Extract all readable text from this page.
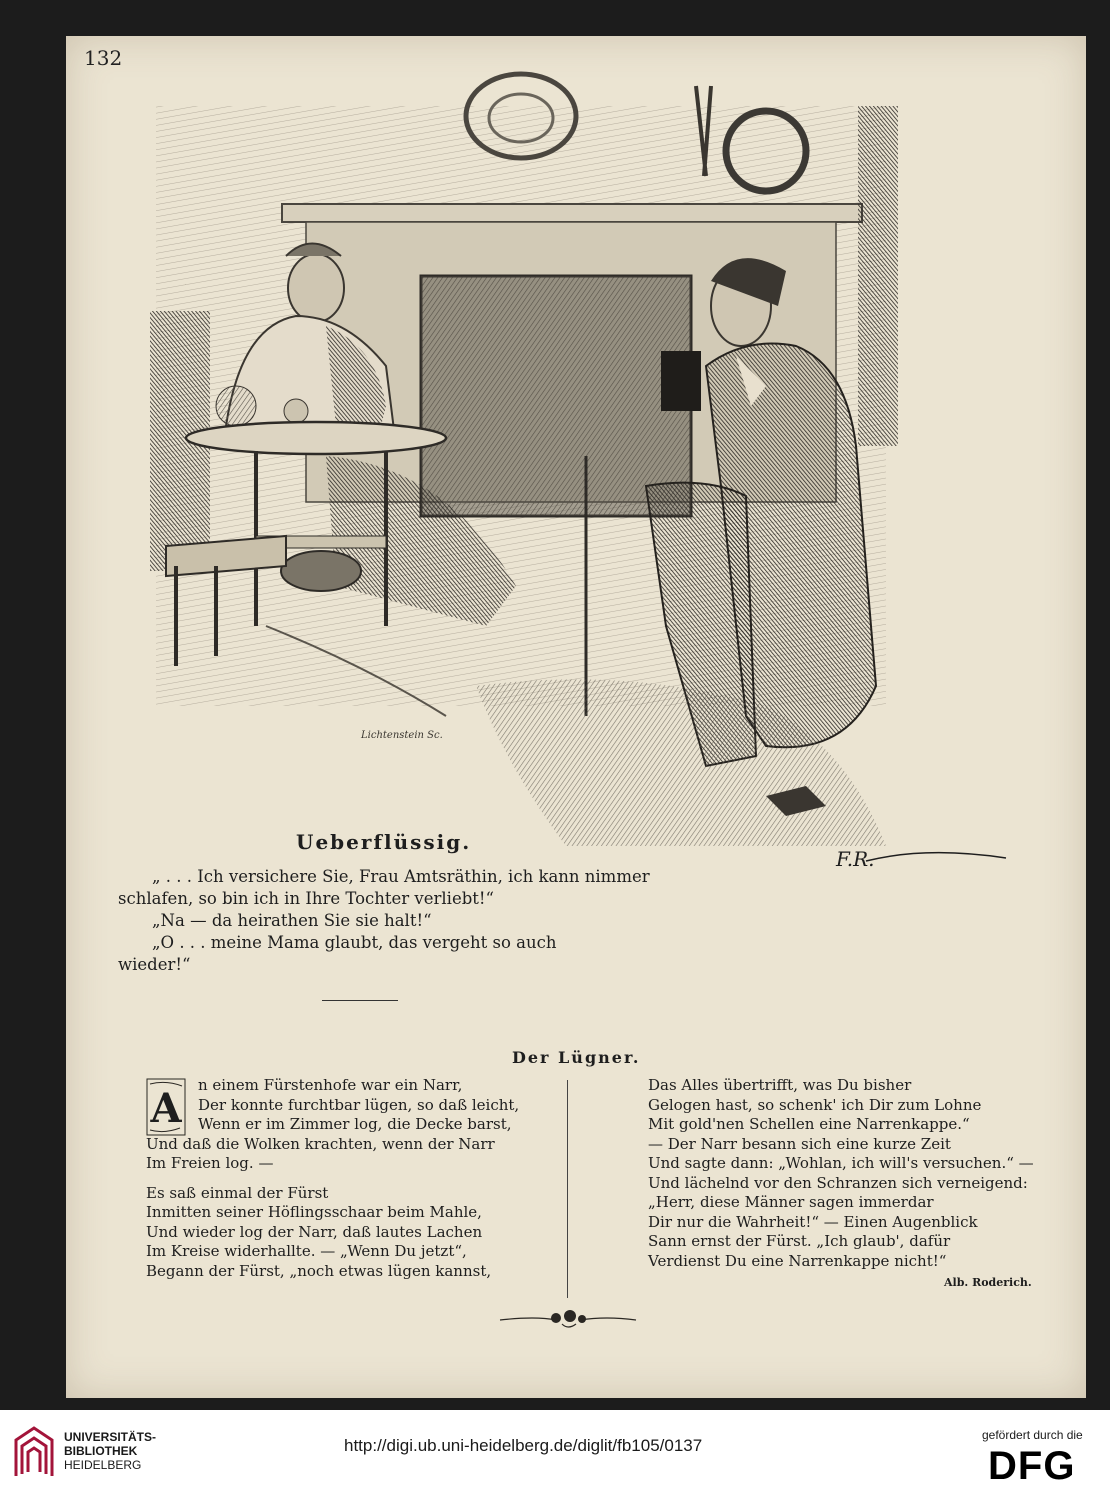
132
Lichtenstein Sc.
F.R.
Ueberflüssig.

„ . . . Ich versichere Sie, Frau Amtsräthin, ich kann nimmer

schlafen, so bin ich in Ihre Tochter verliebt!“

„Na — da heirathen Sie sie halt!“

„O . . . meine Mama glaubt, das vergeht so auch

wieder!“

Der Lügner.
A	n einem Fürstenhofe war ein Narr,

Der konnte furchtbar lügen, so daß leicht,

Wenn er im Zimmer log, die Decke barst,

Und daß die Wolken krachten, wenn der Narr

Im Freien log. —

Es saß einmal der Fürst

Inmitten seiner Höflingsschaar beim Mahle,

Und wieder log der Narr, daß lautes Lachen

Im Kreise widerhallte. — „Wenn Du jetzt“,

Begann der Fürst, „noch etwas lügen kannst,

Das Alles übertrifft, was Du bisher

Gelogen hast, so schenk' ich Dir zum Lohne

Mit gold'nen Schellen eine Narrenkappe.“

— Der Narr besann sich eine kurze Zeit

Und sagte dann: „Wohlan, ich will's versuchen.“ —

Und lächelnd vor den Schranzen sich verneigend:

„Herr, diese Männer sagen immerdar

Dir nur die Wahrheit!“ — Einen Augenblick

Sann ernst der Fürst. „Ich glaub', dafür

Verdienst Du eine Narrenkappe nicht!“

Alb. Roderich.
UNIVERSITÄTS-
BIBLIOTHEK
HEIDELBERG
http://digi.ub.uni-heidelberg.de/diglit/fb105/0137
gefördert durch die
DFG
